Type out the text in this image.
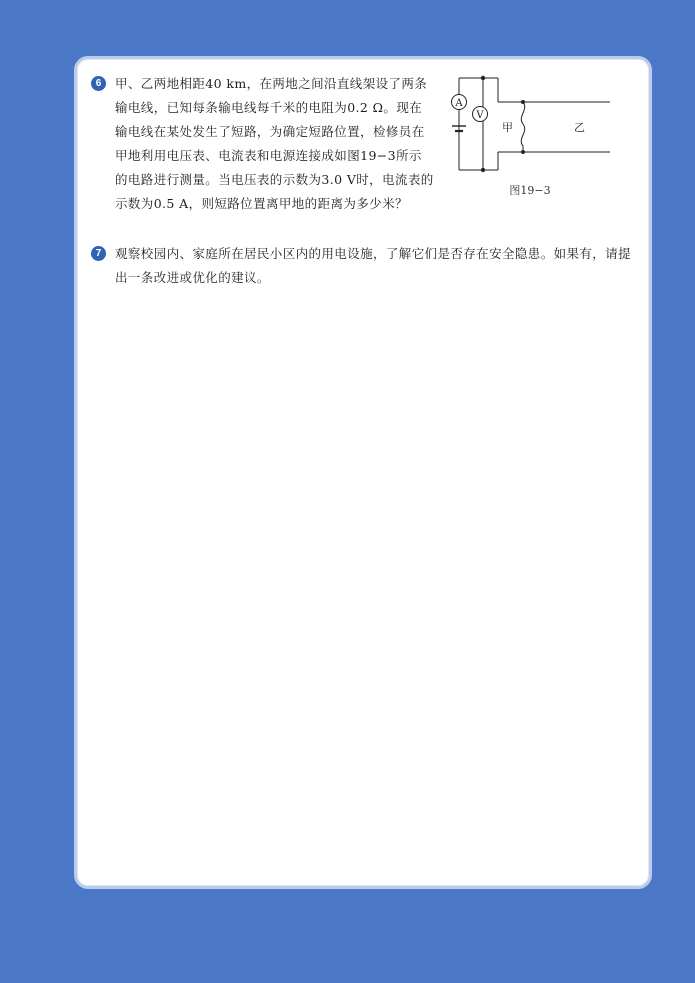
6	甲、乙两地相距40 km，在两地之间沿直线架设了两条输电线，已知每条输电线每千米的电阻为0.2 Ω。现在输电线在某处发生了短路，为确定短路位置，检修员在甲地利用电压表、电流表和电源连接成如图19−3所示的电路进行测量。当电压表的示数为3.0 V时，电流表的示数为0.5 A，则短路位置离甲地的距离为多少米？
A
V
甲	乙
图19−3
7	观察校园内、家庭所在居民小区内的用电设施，了解它们是否存在安全隐患。如果有，请提出一条改进或优化的建议。
